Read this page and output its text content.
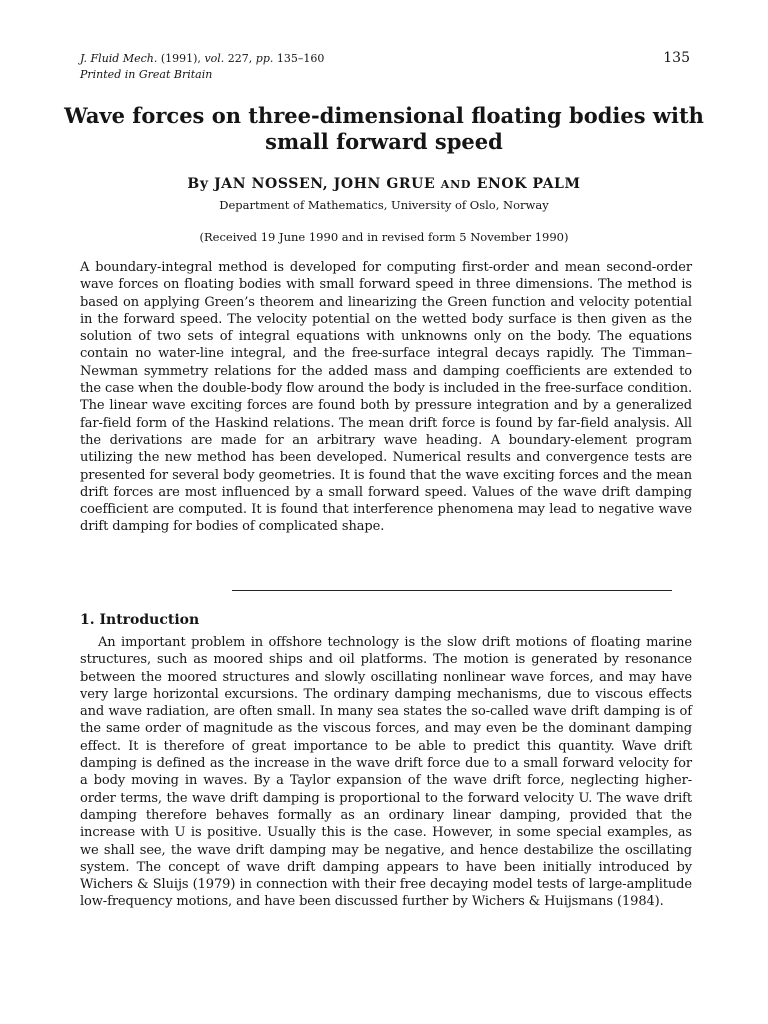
J. Fluid Mech. (1991), vol. 227, pp. 135–160
Printed in Great Britain
135
Wave forces on three-dimensional floating bodies with small forward speed
By JAN NOSSEN, JOHN GRUE AND ENOK PALM
Department of Mathematics, University of Oslo, Norway
(Received 19 June 1990 and in revised form 5 November 1990)

A boundary-integral method is developed for computing first-order and mean second-order wave forces on floating bodies with small forward speed in three dimensions. The method is based on applying Green’s theorem and linearizing the Green function and velocity potential in the forward speed. The velocity potential on the wetted body surface is then given as the solution of two sets of integral equations with unknowns only on the body. The equations contain no water-line integral, and the free-surface integral decays rapidly. The Timman–Newman symmetry relations for the added mass and damping coefficients are extended to the case when the double-body flow around the body is included in the free-surface condition. The linear wave exciting forces are found both by pressure integration and by a generalized far-field form of the Haskind relations. The mean drift force is found by far-field analysis. All the derivations are made for an arbitrary wave heading. A boundary-element program utilizing the new method has been developed. Numerical results and convergence tests are presented for several body geometries. It is found that the wave exciting forces and the mean drift forces are most influenced by a small forward speed. Values of the wave drift damping coefficient are computed. It is found that interference phenomena may lead to negative wave drift damping for bodies of complicated shape.

1. Introduction

An important problem in offshore technology is the slow drift motions of floating marine structures, such as moored ships and oil platforms. The motion is generated by resonance between the moored structures and slowly oscillating nonlinear wave forces, and may have very large horizontal excursions. The ordinary damping mechanisms, due to viscous effects and wave radiation, are often small. In many sea states the so-called wave drift damping is of the same order of magnitude as the viscous forces, and may even be the dominant damping effect. It is therefore of great importance to be able to predict this quantity. Wave drift damping is defined as the increase in the wave drift force due to a small forward velocity for a body moving in waves. By a Taylor expansion of the wave drift force, neglecting higher-order terms, the wave drift damping is proportional to the forward velocity U. The wave drift damping therefore behaves formally as an ordinary linear damping, provided that the increase with U is positive. Usually this is the case. However, in some special examples, as we shall see, the wave drift damping may be negative, and hence destabilize the oscillating system. The concept of wave drift damping appears to have been initially introduced by Wichers & Sluijs (1979) in connection with their free decaying model tests of large-amplitude low-frequency motions, and have been discussed further by Wichers & Huijsmans (1984).
